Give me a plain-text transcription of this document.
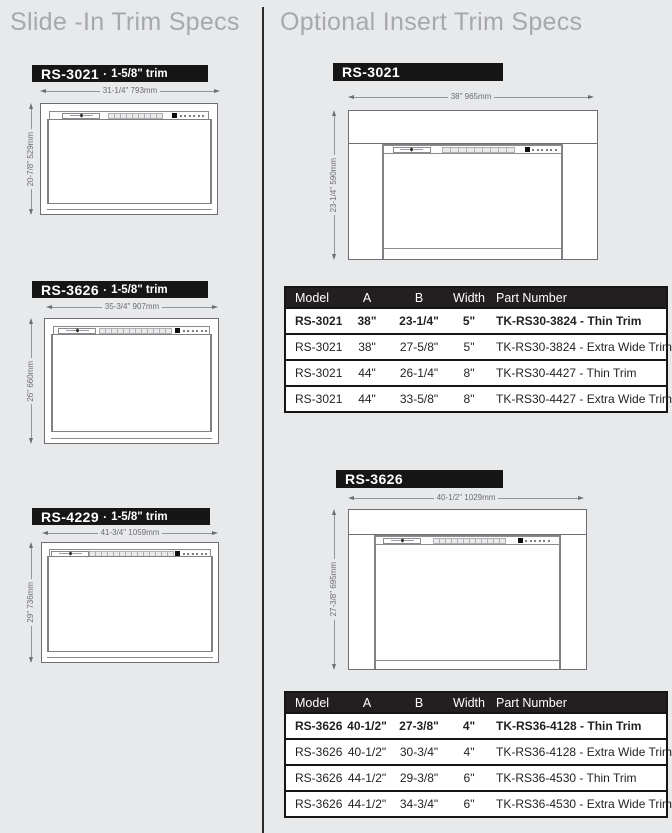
Slide -In Trim Specs Optional Insert Trim Specs
RS-3021 · 1-5/8" trim
31-1/4" 793mm
20-7/8" 529mm
RS-3626 · 1-5/8" trim
35-3/4" 907mm
26" 660mm
RS-4229 · 1-5/8" trim
41-3/4" 1059mm
29" 736mm
RS-3021
38" 965mm
23-1/4" 590mm
Model	A	B	Width Part Number
RS-3021	38"	23-1/4"	5"	TK-RS30-3824 - Thin Trim
RS-3021	38"	27-5/8"	5"	TK-RS30-3824 - Extra Wide Trim
RS-3021	44"	26-1/4"	8"	TK-RS30-4427 - Thin Trim
RS-3021	44"	33-5/8"	8"	TK-RS30-4427 - Extra Wide Trim
RS-3626
40-1/2" 1029mm
27-3/8" 695mm
Model	A	B	Width Part Number
RS-3626 40-1/2"	27-3/8"	4"	TK-RS36-4128 - Thin Trim
RS-3626 40-1/2"	30-3/4"	4"	TK-RS36-4128 - Extra Wide Trim
RS-3626 44-1/2"	29-3/8"	6"	TK-RS36-4530 - Thin Trim
RS-3626 44-1/2"	34-3/4"	6"	TK-RS36-4530 - Extra Wide Trim
